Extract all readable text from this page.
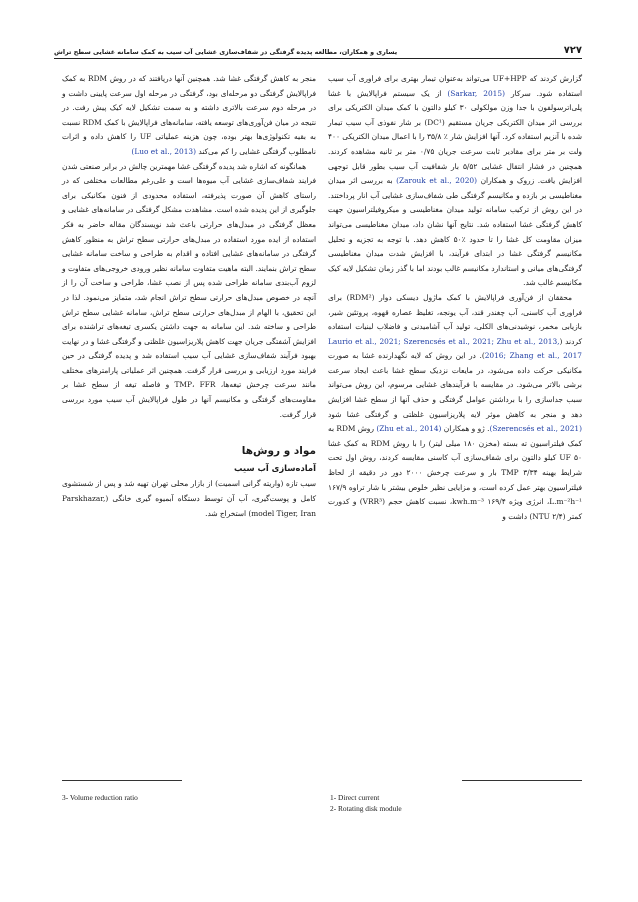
۷۲۷
یساری و همکاران، مطالعه پدیده گرفتگی در شفاف‌سازی غشایی آب سیب به کمک سامانه غشایی سطح تراش

گزارش کردند که UF+HPP می‌تواند به‌عنوان تیمار بهتری برای فراوری آب سیب استفاده شود. سرکار (Sarkar, 2015) از یک سیستم فراپالایش با غشا پلی‌اترسولفون با جدا وزن مولکولی ۳۰ کیلو دالتون با کمک میدان الکتریکی برای بررسی اثر میدان الکتریکی جریان مستقیم (DC¹) بر شار نفوذی آب سیب تیمار شده با آنزیم استفاده کرد. آنها افزایش شار ٪ ۳۵/۸ را با اعمال میدان الکتریکی ۴۰۰ ولت بر متر برای مقادیر ثابت سرعت جریان ۰/۷۵ متر بر ثانیه مشاهده کردند. همچنین در فشار انتقال غشایی ۵/۵۲ بار شفافیت آب سیب بطور قابل توجهی افزایش یافت. زروک و همکاران (Zarouk et al., 2020) به بررسی اثر میدان مغناطیسی بر بازده و مکانیسم گرفتگی طی شفاف‌سازی غشایی آب انار پرداختند. در این روش از ترکیب سامانه تولید میدان مغناطیسی و میکروفیلتراسیون جهت کاهش گرفتگی غشا استفاده شد. نتایج آنها نشان داد، میدان مغناطیسی می‌تواند میزان مقاومت کل غشا را تا حدود ٪۵۰ کاهش دهد. با توجه به تجزیه و تحلیل مکانیسم گرفتگی غشا در ابتدای فرآیند، با افزایش شدت میدان مغناطیسی گرفتگی‌های میانی و استاندارد مکانیسم غالب بودند اما با گذر زمان تشکیل لایه کیک مکانیسم غالب شد.

محققان از فن‌آوری فراپالایش با کمک ماژول دیسکی دوار (RDM²) برای فراوری آب کاسنی، آب چغندر قند، آب یونجه، تغلیظ عصاره قهوه، پروتئین شیر، بازیابی مخمر، نوشیدنی‌های الکلی، تولید آب آشامیدنی و فاضلاب لبنیات استفاده کردند (Laurio et al., 2021; Szerencsés et al., 2021; Zhu et al., 2013, 2016; Zhang et al., 2017). در این روش که لایه نگهدارنده غشا به صورت مکانیکی حرکت داده می‌شود، در مایعات نزدیک سطح غشا باعث ایجاد سرعت برشی بالاتر می‌شود. در مقایسه با فرآیندهای غشایی مرسوم، این روش می‌تواند سبب جداسازی را با برداشتن عوامل گرفتگی و حذف آنها از سطح غشا افزایش دهد و منجر به کاهش موثر لایه پلاریزاسیون غلظتی و گرفتگی غشا شود (Szerencsés et al., 2021). ژو و همکاران (Zhu et al., 2014) روش RDM به کمک فیلتراسیون ته بسته (مخزن ۱۸۰ میلی لیتر) را با روش RDM به کمک غشا UF ۵۰ کیلو دالتون برای شفاف‌سازی آب کاسنی مقایسه کردند، روش اول تحت شرایط بهینه TMP ۳/۳۴ بار و سرعت چرخش ۲۰۰۰ دور در دقیقه از لحاظ فیلتراسیون بهتر عمل کرده است، و مزایایی نظیر خلوص بیشتر با شار تراوه ۱۶۷/۹ L.m⁻²h⁻¹، انرژی ویژه ۱۶۹/۴ kwh.m⁻³، نسبت کاهش حجم (VRR³) و کدورت کمتر (NTU ۲/۴) داشت و

منجر به کاهش گرفتگی غشا شد. همچنین آنها دریافتند که در روش RDM به کمک فراپالایش گرفتگی دو مرحله‌ای بود، گرفتگی در مرحله اول سرعت پایینی داشت و در مرحله دوم سرعت بالاتری داشته و به سمت تشکیل لایه کیک پیش رفت. در نتیجه در میان فن‌آوری‌های توسعه یافته، سامانه‌های فراپالایش با کمک RDM نسبت به بقیه تکنولوژی‌ها بهتر بوده، چون هزینه عملیاتی UF را کاهش داده و اثرات نامطلوب گرفتگی غشایی را کم می‌کند (Luo et al., 2013)

همانگونه که اشاره شد پدیده گرفتگی غشا مهمترین چالش در برابر صنعتی شدن فرایند شفاف‌سازی غشایی آب میوه‌ها است و علی‌رغم مطالعات مختلفی که در راستای کاهش آن صورت پذیرفته، استفاده محدودی از فنون مکانیکی برای جلوگیری از این پدیده شده است. مشاهدت مشکل گرفتگی در سامانه‌های غشایی و معظل گرفتگی در مبدل‌های حرارتی باعث شد نویسندگان مقاله حاضر به فکر استفاده از ایده مورد استفاده در مبدل‌های حرارتی سطح تراش به منظور کاهش گرفتگی در سامانه‌های غشایی افتاده و اقدام به طراحی و ساخت سامانه غشایی سطح تراش بنمایند. البته ماهیت متفاوت سامانه نظیر ورودی خروجی‌های متفاوت و لزوم آب‌بندی سامانه طراحی شده پس از نصب غشا، طراحی و ساخت آن را از آنچه در خصوص مبدل‌های حرارتی سطح تراش انجام شد، متمایز می‌نمود. لذا در این تحقیق، با الهام از مبدل‌های حرارتی سطح تراش، سامانه غشایی سطح تراش طراحی و ساخته شد. این سامانه به جهت داشتن یکسری تیغه‌های تراشنده برای افزایش آشفتگی جریان جهت کاهش پلاریزاسیون غلظتی و گرفتگی غشا و در نهایت بهبود فرآیند شفاف‌سازی غشایی آب سیب استفاده شد و پدیده گرفتگی در حین فرایند مورد ارزیابی و بررسی قرار گرفت. همچنین اثر عملیاتی پارامترهای مختلف مانند سرعت چرخش تیغه‌ها، TMP، FFR و فاصله تیغه از سطح غشا بر مقاومت‌های گرفتگی و مکانیسم آنها در طول فراپالایش آب سیب مورد بررسی قرار گرفت.

مواد و روش‌ها
آماده‌سازی آب سیب

سیب تازه (واریته گرانی اسمیت) از بازار محلی تهران تهیه شد و پس از شستشوی کامل و پوست‌گیری، آب آن توسط دستگاه آبمیوه گیری خانگی (Parskhazar, model Tiger, Iran) استخراج شد.

1- Direct current
2- Rotating disk module
3- Volume reduction ratio
